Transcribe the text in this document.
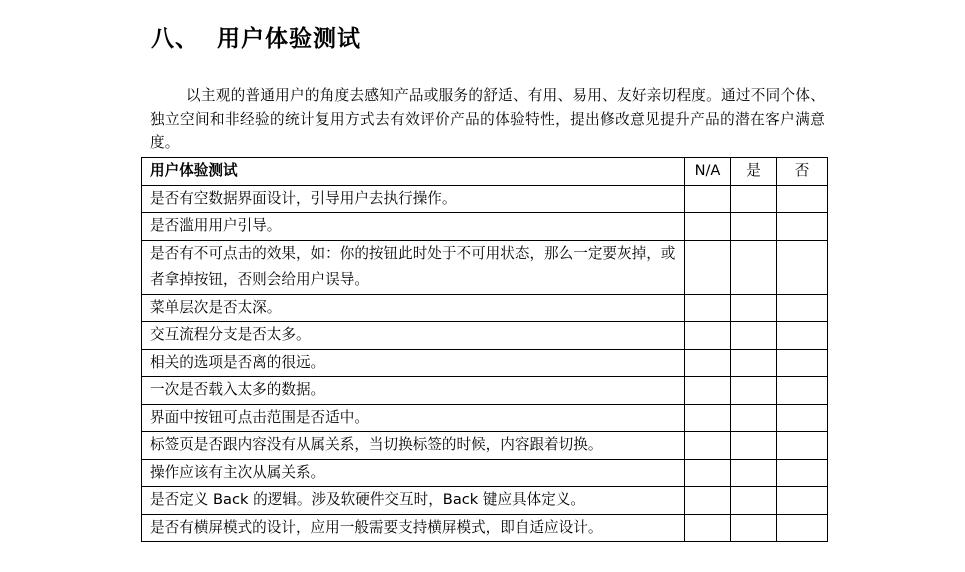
八、 用户体验测试

以主观的普通用户的角度去感知产品或服务的舒适、有用、易用、友好亲切程度。通过不同个体、独立空间和非经验的统计复用方式去有效评价产品的体验特性，提出修改意见提升产品的潜在客户满意度。

用户体验测试	N/A	是	否
是否有空数据界面设计，引导用户去执行操作。			
是否滥用用户引导。			
是否有不可点击的效果，如：你的按钮此时处于不可用状态，那么一定要灰掉，或者拿掉按钮，否则会给用户误导。			
菜单层次是否太深。			
交互流程分支是否太多。			
相关的选项是否离的很远。			
一次是否载入太多的数据。			
界面中按钮可点击范围是否适中。			
标签页是否跟内容没有从属关系，当切换标签的时候，内容跟着切换。			
操作应该有主次从属关系。			
是否定义 Back 的逻辑。涉及软硬件交互时，Back 键应具体定义。			
是否有横屏模式的设计，应用一般需要支持横屏模式，即自适应设计。			
